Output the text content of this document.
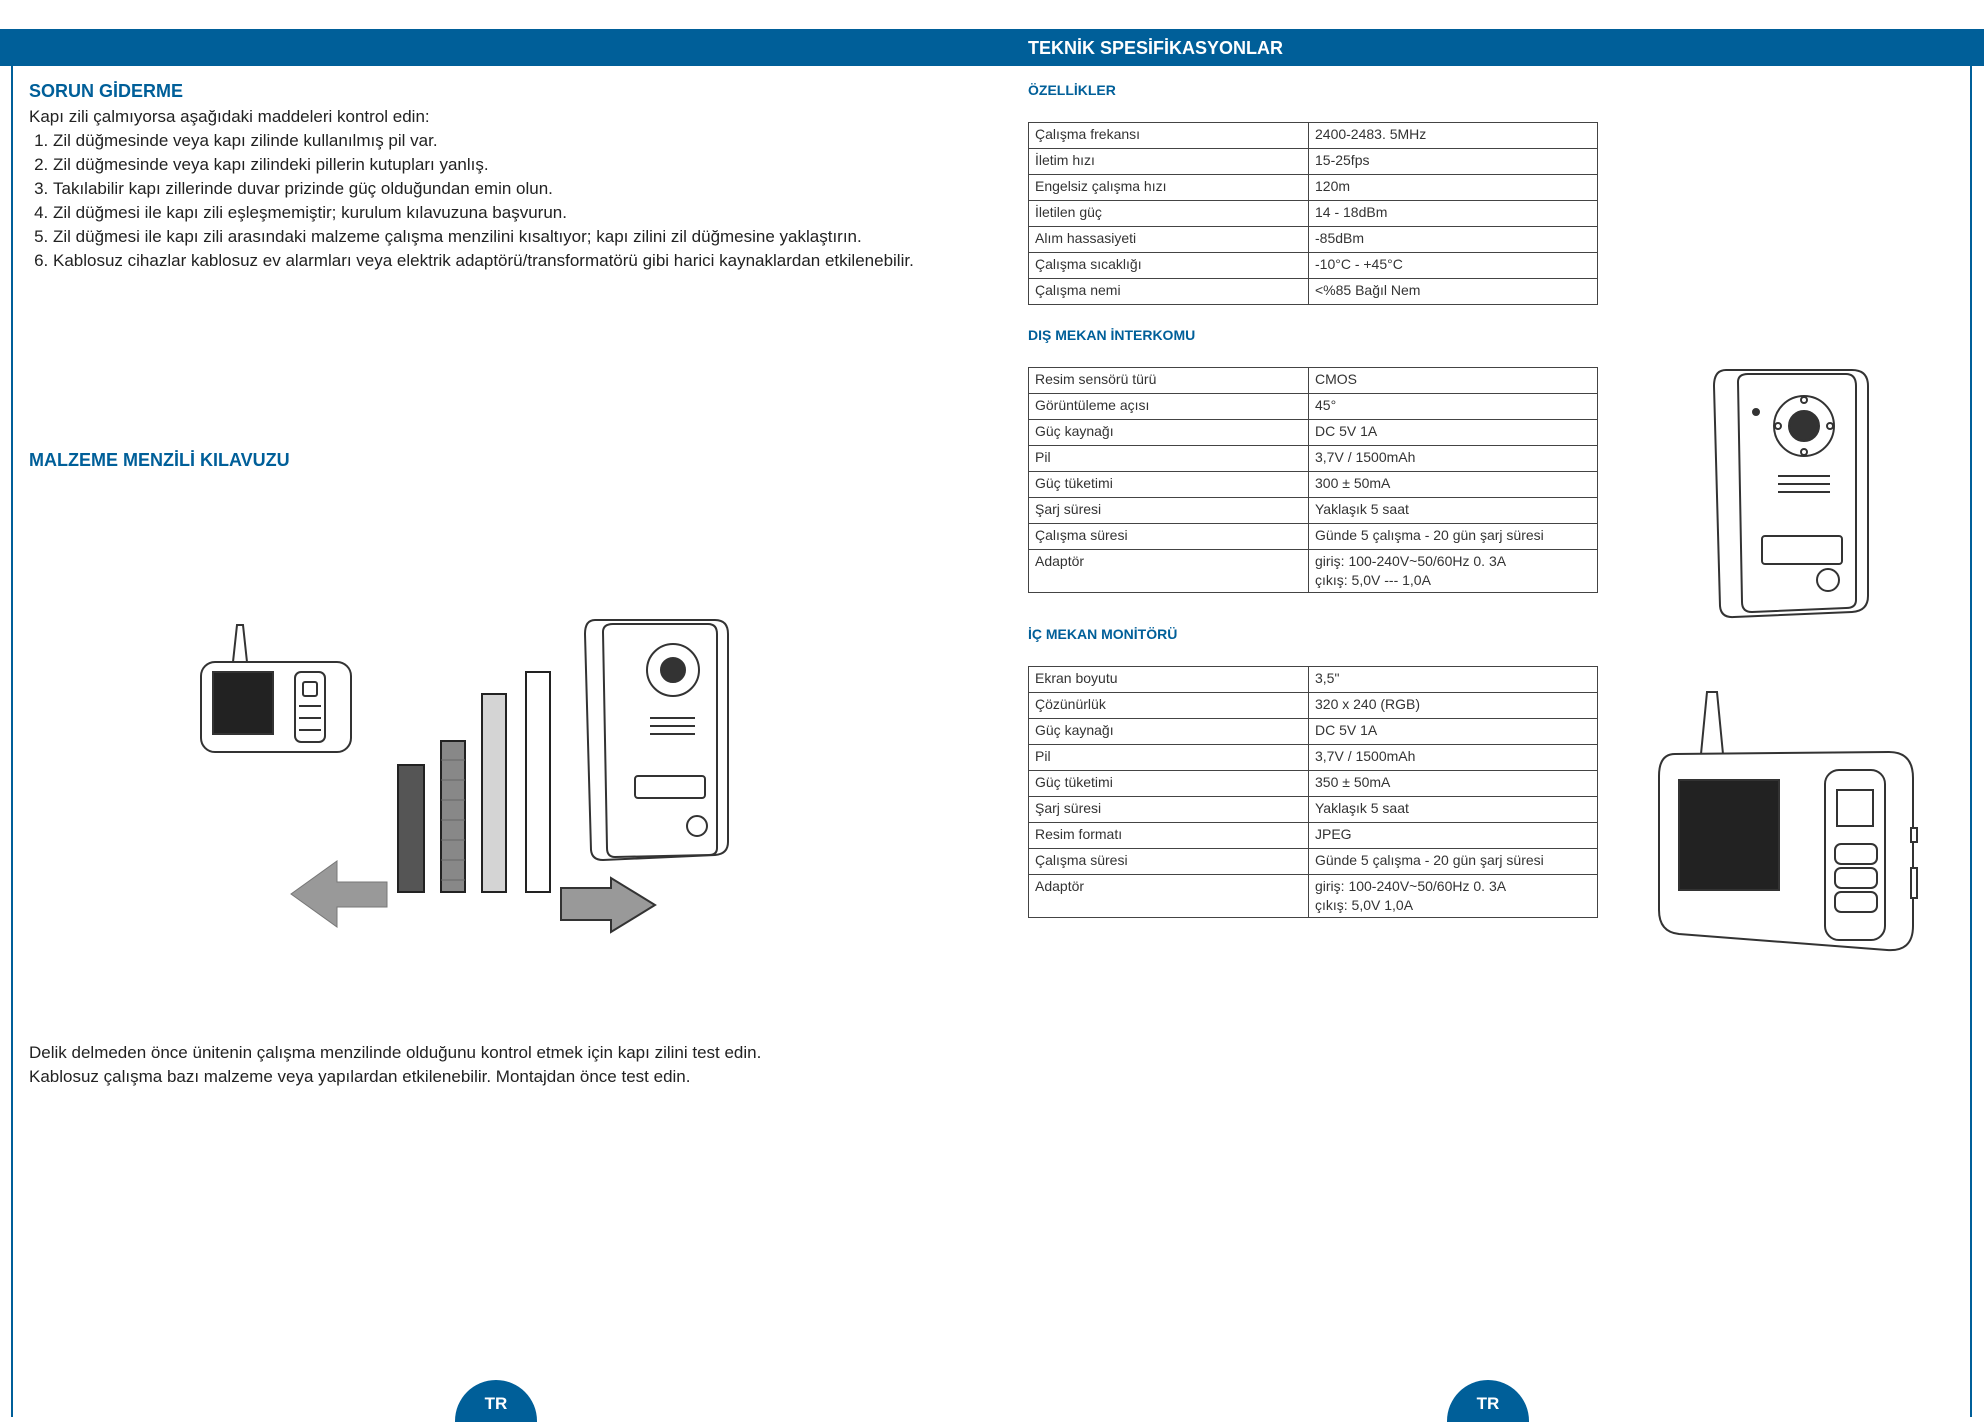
TEKNİK SPESİFİKASYONLAR
SORUN GİDERME

Kapı zili çalmıyorsa aşağıdaki maddeleri kontrol edin:

1. Zil düğmesinde veya kapı zilinde kullanılmış pil var.
2. Zil düğmesinde veya kapı zilindeki pillerin kutupları yanlış.
3. Takılabilir kapı zillerinde duvar prizinde güç olduğundan emin olun.
4. Zil düğmesi ile kapı zili eşleşmemiştir; kurulum kılavuzuna başvurun.
5. Zil düğmesi ile kapı zili arasındaki malzeme çalışma menzilini kısaltıyor; kapı zilini zil düğmesine yaklaştırın.
6. Kablosuz cihazlar kablosuz ev alarmları veya elektrik adaptörü/transformatörü gibi harici kaynaklardan etkilenebilir.
MALZEME MENZİLİ KILAVUZU

Delik delmeden önce ünitenin çalışma menzilinde olduğunu kontrol etmek için kapı zilini test edin.

Kablosuz çalışma bazı malzeme veya yapılardan etkilenebilir. Montajdan önce test edin.

ÖZELLİKLER
Çalışma frekansı	2400-2483. 5MHz
İletim hızı	15-25fps
Engelsiz çalışma hızı	120m
İletilen güç	14 - 18dBm
Alım hassasiyeti	-85dBm
Çalışma sıcaklığı	-10°C - +45°C
Çalışma nemi	<%85 Bağıl Nem
DIŞ MEKAN İNTERKOMU
Resim sensörü türü	CMOS
Görüntüleme açısı	45°
Güç kaynağı	DC 5V 1A
Pil	3,7V / 1500mAh
Güç tüketimi	300 ± 50mA
Şarj süresi	Yaklaşık 5 saat
Çalışma süresi	Günde 5 çalışma - 20 gün şarj süresi
Adaptör	giriş: 100-240V~50/60Hz 0. 3A
çıkış: 5,0V --- 1,0A
İÇ MEKAN MONİTÖRÜ
Ekran boyutu	3,5"
Çözünürlük	320 x 240 (RGB)
Güç kaynağı	DC 5V 1A
Pil	3,7V / 1500mAh
Güç tüketimi	350 ± 50mA
Şarj süresi	Yaklaşık 5 saat
Resim formatı	JPEG
Çalışma süresi	Günde 5 çalışma - 20 gün şarj süresi
Adaptör	giriş: 100-240V~50/60Hz 0. 3A
çıkış: 5,0V 1,0A
TR	TR
